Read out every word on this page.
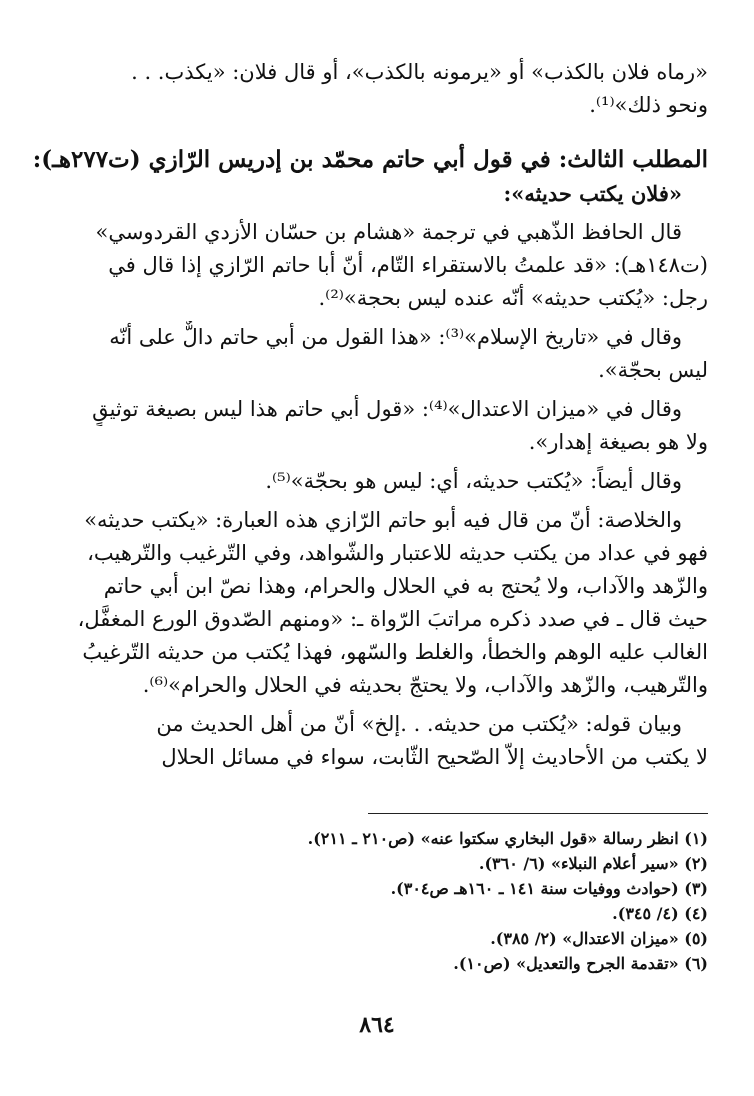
«رماه فلان بالكذب» أو «يرمونه بالكذب»، أو قال فلان: «يكذب. . .
ونحو ذلك»⁽¹⁾.
المطلب الثالث: في قول أبي حاتم محمّد بن إدريس الرّازي (ت٢٧٧هـ):
«فلان يكتب حديثه»:
قال الحافظ الذّهبي في ترجمة «هشام بن حسّان الأزدي القردوسي»
(ت١٤٨هـ): «قد علمتُ بالاستقراء التّام، أنّ أبا حاتم الرّازي إذا قال في
رجل: «يُكتب حديثه» أنّه عنده ليس بحجة»⁽²⁾.
وقال في «تاريخ الإسلام»⁽³⁾: «هذا القول من أبي حاتم دالٌّ على أنّه
ليس بحجّة».
وقال في «ميزان الاعتدال»⁽⁴⁾: «قول أبي حاتم هذا ليس بصيغة توثيقٍ
ولا هو بصيغة إهدار».
وقال أيضاً: «يُكتب حديثه، أي: ليس هو بحجّة»⁽⁵⁾.
والخلاصة: أنّ من قال فيه أبو حاتم الرّازي هذه العبارة: «يكتب حديثه»
فهو في عداد من يكتب حديثه للاعتبار والشّواهد، وفي التّرغيب والتّرهيب،
والزّهد والآداب، ولا يُحتج به في الحلال والحرام، وهذا نصّ ابن أبي حاتم
حيث قال ـ في صدد ذكره مراتبَ الرّواة ـ: «ومنهم الصّدوق الورع المغفَّل،
الغالب عليه الوهم والخطأ، والغلط والسّهو، فهذا يُكتب من حديثه التّرغيبُ
والتّرهيب، والزّهد والآداب، ولا يحتجّ بحديثه في الحلال والحرام»⁽⁶⁾.
وبيان قوله: «يُكتب من حديثه. . .إلخ» أنّ من أهل الحديث من
لا يكتب من الأحاديث إلاّ الصّحيح الثّابت، سواء في مسائل الحلال
(١) انظر رسالة «قول البخاري سكتوا عنه» (ص٢١٠ ـ ٢١١).
(٢) «سير أعلام النبلاء» (٦/ ٣٦٠).
(٣) (حوادث ووفيات سنة ١٤١ ـ ١٦٠هـ ص٣٠٤).
(٤) (٤/ ٣٤٥).
(٥) «ميزان الاعتدال» (٢/ ٣٨٥).
(٦) «تقدمة الجرح والتعديل» (ص١٠).
٨٦٤
